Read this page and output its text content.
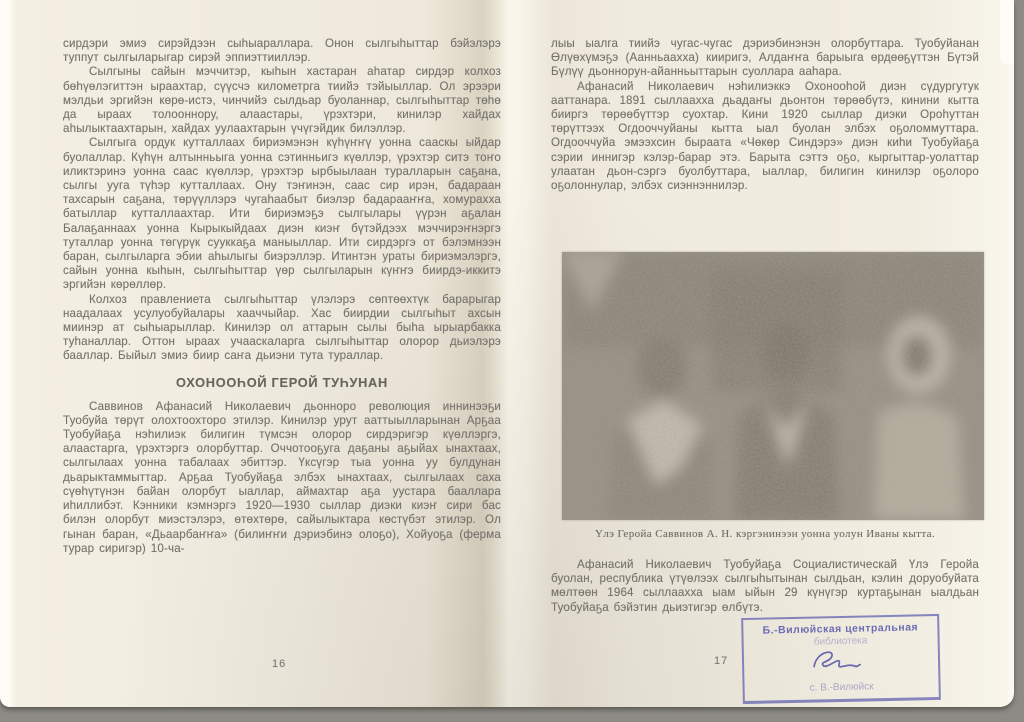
сирдэри эмиэ сирэйдээн сыһыараллара. Онон сылгыһыттар бэйэлэрэ туппут сылгыларыгар сирэй эппиэттииллэр.

Сылгыны сайын мэччитэр, кыһын хастаран аһатар сирдэр колхоз бөһүөлэгиттэн ыраахтар, сүүсчэ километрга тиийэ тэйыыллар. Ол эрээри мэлдьи эргийэн көрө-истэ, чинчийэ сылдьар буоланнар, сылгыһыттар төһө да ыраах толооннору, алаастары, үрэхтэри, кинилэр хайдах аһылыктаахтарын, хайдах уулаахтарын үчүгэйдик билэллэр.

Сылгыга ордук кутталлаах бириэмэнэн күһүҥҥү уонна сааскы ыйдар буолаллар. Күһүн алтынньыга уонна сэтинньигэ күөллэр, үрэхтэр ситэ тоҥо иликтэринэ уонна саас күөллэр, үрэхтэр ырбыылаан туралларын саҕана, сылгы ууга түһэр кутталлаах. Ону тэҥинэн, саас сир ирэн, бадараан тахсарын саҕана, төрүүллэрэ чугаһаабыт биэлэр бадарааҥҥа, хомурахха батыллар кутталлаахтар. Ити бириэмэҕэ сылгылары үүрэн аҕалан Балаҕаннаах уонна Кырыкыйдаах диэн киэҥ бүтэйдээх мэччирэҥнэргэ туталлар уонна төгүрүк сууккаҕа маныыллар. Ити сирдэргэ от бэлэмнээн баран, сылгыларга эбии аһылыгы биэрэллэр. Итинтэн ураты бириэмэлэргэ, сайын уонна кыһын, сылгыһыттар үөр сылгыларын күҥҥэ биирдэ-иккитэ эргийэн көрөллөр.

Колхоз правлениета сылгыһыттар үлэлэрэ сөптөөхтүк барарыгар наадалаах усулуобуйалары хааччыйар. Хас биирдии сылгыһыт ахсын миинэр ат сыһыарыллар. Кинилэр ол аттарын сылы быһа ырыарбакка туһаналлар. Оттон ыраах учааскаларга сылгыһыттар олорор дьиэлэрэ бааллар. Быйыл эмиэ биир саҥа дьиэни тута тураллар.

ОХОНООҺОЙ ГЕРОЙ ТУҺУНАН

Саввинов Афанасий Николаевич дьонноро революция иннинээҕи Туобуйа төрүт олохтоохторо этилэр. Кинилэр урут ааттыылларынан Арҕаа Туобуйаҕа нэһилиэк билигин түмсэн олорор сирдэригэр күөллэргэ, алаастарга, үрэхтэргэ олорбуттар. Оччотооҕуга даҕаны аҕыйах ынахтаах, сылгылаах уонна табалаах эбиттэр. Үксүгэр тыа уонна уу булдунан дьарыктаммыттар. Арҕаа Туобуйаҕа элбэх ынахтаах, сылгылаах саха сүөһүтүнэн байан олорбут ыаллар, аймахтар аҕа уустара бааллара иһиллибэт. Кэнники кэмнэргэ 1920—1930 сыллар диэки киэҥ сири бас билэн олорбут миэстэлэрэ, өтөхтөрө, сайылыктара көстүбэт этилэр. Ол гынан баран, «Дьаарбаҥҥа» (билиҥҥи дэриэбинэ олоҕо), Хойуоҕа (ферма турар сиригэр) 10-ча-

16

лыы ыалга тиийэ чугас-чугас дэриэбинэнэн олорбуттара. Туобуйанан Өлүөхүмэҕэ (Аанньаахха) кииригэ, Алдаҥҥа барыыга өрдөөҕүттэн Бүтэй Бүлүү дьоннорун-айанньыттарын суоллара ааһара.

Афанасий Николаевич нэһилиэккэ Охонооһой диэн сүдургутук ааттанара. 1891 сыллаахха дьадаҥы дьонтон төрөөбүтэ, кинини кытта бииргэ төрөөбүттэр суохтар. Кини 1920 сыллар диэки Ороһуттан төрүттээх Огдооччуйаны кытта ыал буолан элбэх оҕоломмуттара. Огдооччуйа эмээхсин быраата «Чөкөр Синдэрэ» диэн киһи Туобуйаҕа сэрии иннигэр кэлэр-барар этэ. Барыта сэттэ оҕо, кыргыттар-уолаттар улаатан дьон-сэргэ буолбуттара, ыаллар, билигин кинилэр оҕолоро оҕолоннулар, элбэх сиэннэннилэр.

Үлэ Геройа Саввинов А. Н. кэргэнинээн уонна уолун Иваны кытта.

Афанасий Николаевич Туобуйаҕа Социалистическай Үлэ Геройа буолан, республика үтүөлээх сылгыһытынан сылдьан, кэлин доруобуйата мөлтөөн 1964 сыллаахха ыам ыйын 29 күнүгэр куртаҕынан ыалдьан Туобуйаҕа бэйэтин дьиэтигэр өлбүтэ.

17
Б.-Вилюйская центральная
библиотека
с. В.-Вилюйск
